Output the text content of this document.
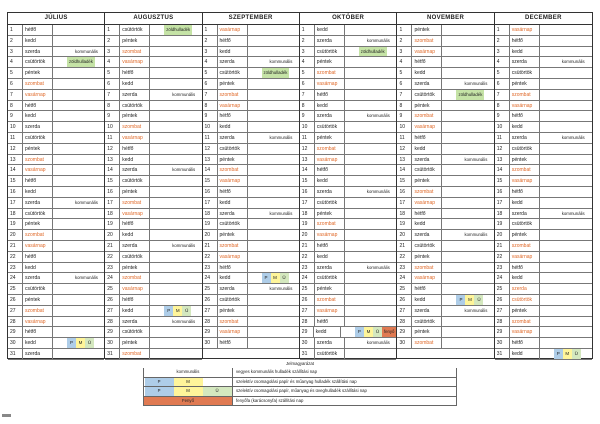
JÚLIUS
1	hétfő
2	kedd
3	szerda	kommunális
4	csütörtök	zöldhulladék
5	péntek
6	szombat
7	vasárnap
8	hétfő
9	kedd
10	szerda
11	csütörtök
12	péntek
13	szombat
14	vasárnap
15	hétfő
16	kedd
17	szerda	kommunális
18	csütörtök
19	péntek
20	szombat
21	vasárnap
22	hétfő
23	kedd
24	szerda	kommunális
25	csütörtök
26	péntek
27	szombat
28	vasárnap
29	hétfő
30	kedd	P	M	Ü
31	szerda
AUGUSZTUS
1	csütörtök	zöldhulladék
2	péntek
3	szombat
4	vasárnap
5	hétfő
6	kedd
7	szerda	kommunális
8	csütörtök
9	péntek
10	szombat
11	vasárnap
12	hétfő
13	kedd
14	szerda	kommunális
15	csütörtök
16	péntek
17	szombat
18	vasárnap
19	hétfő
20	kedd
21	szerda	kommunális
22	csütörtök
23	péntek
24	szombat
25	vasárnap
26	hétfő
27	kedd	P	M	Ü
28	szerda	kommunális
29	csütörtök
30	péntek
31	szombat
SZEPTEMBER
1	vasárnap
2	hétfő
3	kedd
4	szerda	kommunális
5	csütörtök	zöldhulladék
6	péntek
7	szombat
8	vasárnap
9	hétfő
10	kedd
11	szerda	kommunális
12	csütörtök
13	péntek
14	szombat
15	vasárnap
16	hétfő
17	kedd
18	szerda	kommunális
19	csütörtök
20	péntek
21	szombat
22	vasárnap
23	hétfő
24	kedd	P	M	Ü
25	szerda	kommunális
26	csütörtök
27	péntek
28	szombat
29	vasárnap
30	hétfő
OKTÓBER
1	kedd
2	szerda	kommunális
3	csütörtök	zöldhulladék
4	péntek
5	szombat
6	vasárnap
7	hétfő
8	kedd
9	szerda	kommunális
10	csütörtök
11	péntek
12	szombat
13	vasárnap
14	hétfő
15	kedd
16	szerda	kommunális
17	csütörtök
18	péntek
19	szombat
20	vasárnap
21	hétfő
22	kedd
23	szerda	kommunális
24	csütörtök
25	péntek
26	szombat
27	vasárnap
28	hétfő
29	kedd	P	M	Ü	fenyő
30	szerda	kommunális
31	csütörtök
NOVEMBER
1	péntek
2	szombat
3	vasárnap
4	hétfő
5	kedd
6	szerda	kommunális
7	csütörtök	zöldhulladék
8	péntek
9	szombat
10	vasárnap
11	hétfő
12	kedd
13	szerda	kommunális
14	csütörtök
15	péntek
16	szombat
17	vasárnap
18	hétfő
19	kedd
20	szerda	kommunális
21	csütörtök
22	péntek
23	szombat
24	vasárnap
25	hétfő
26	kedd	P	M	Ü
27	szerda	kommunális
28	csütörtök
29	péntek
30	szombat
DECEMBER
1	vasárnap
2	hétfő
3	kedd
4	szerda	kommunális
5	csütörtök
6	péntek
7	szombat
8	vasárnap
9	hétfő
10	kedd
11	szerda	kommunális
12	csütörtök
13	péntek
14	szombat
15	vasárnap
16	hétfő
17	kedd
18	szerda	kommunális
19	csütörtök
20	péntek
21	szombat
22	vasárnap
23	hétfő
24	kedd
25	szerda
26	csütörtök
27	péntek
28	szombat
29	vasárnap
30	hétfő
31	kedd	P	M	Ü
Jelmagyarázat
kommunális	vegyes kommunális hulladék szállítási nap
P	M	szelektív csomagolási papír és műanyag hulladék szállítási nap
P	M	Ü	szelektív csomagolási papír, műanyag és üveghulladék szállítási nap
Fenyő	fenyőfa (karácsonyfa) szállítási nap
